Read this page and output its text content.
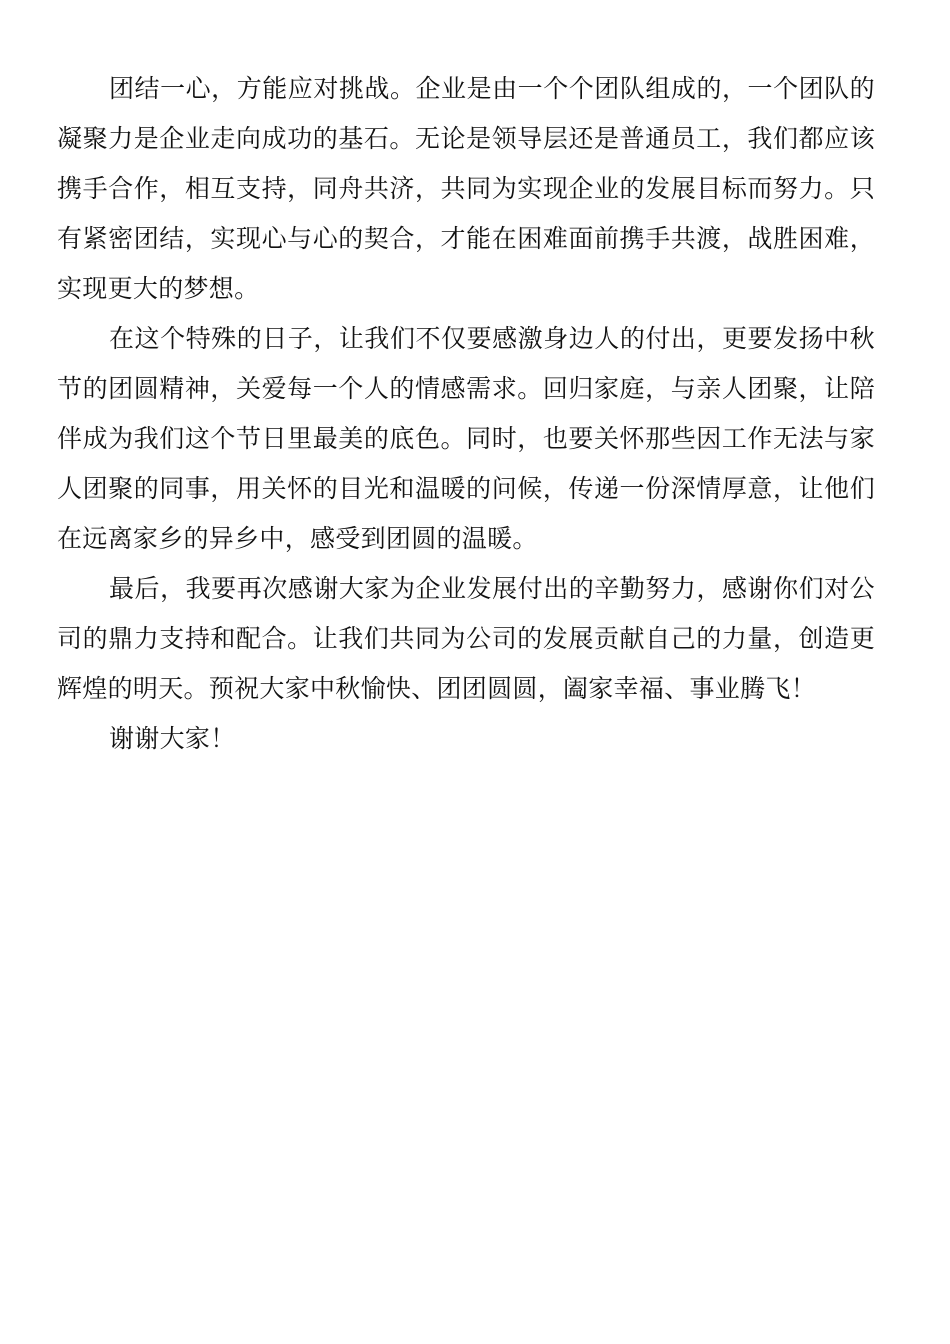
团结一心，方能应对挑战。企业是由一个个团队组成的，一个团队的凝聚力是企业走向成功的基石。无论是领导层还是普通员工，我们都应该携手合作，相互支持，同舟共济，共同为实现企业的发展目标而努力。只有紧密团结，实现心与心的契合，才能在困难面前携手共渡，战胜困难，实现更大的梦想。

在这个特殊的日子，让我们不仅要感激身边人的付出，更要发扬中秋节的团圆精神，关爱每一个人的情感需求。回归家庭，与亲人团聚，让陪伴成为我们这个节日里最美的底色。同时，也要关怀那些因工作无法与家人团聚的同事，用关怀的目光和温暖的问候，传递一份深情厚意，让他们在远离家乡的异乡中，感受到团圆的温暖。

最后，我要再次感谢大家为企业发展付出的辛勤努力，感谢你们对公司的鼎力支持和配合。让我们共同为公司的发展贡献自己的力量，创造更辉煌的明天。预祝大家中秋愉快、团团圆圆，阖家幸福、事业腾飞！

谢谢大家！
